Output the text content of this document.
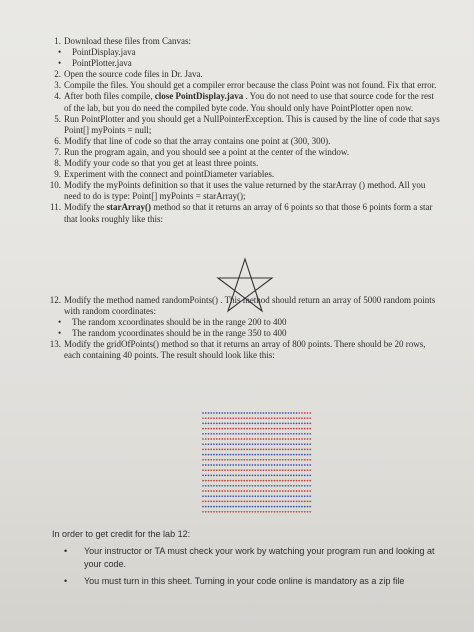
1. Download these files from Canvas:
• PointDisplay.java
• PointPlotter.java
2. Open the source code files in Dr. Java.
3. Compile the files. You should get a compiler error because the class Point was not found. Fix that error.
4. After both files compile, close PointDisplay.java . You do not need to use that source code for the rest of the lab, but you do need the compiled byte code. You should only have PointPlotter open now.
5. Run PointPlotter and you should get a NullPointerException. This is caused by the line of code that says Point[] myPoints = null;
6. Modify that line of code so that the array contains one point at (300, 300).
7. Run the program again, and you should see a point at the center of the window.
8. Modify your code so that you get at least three points.
9. Experiment with the connect and pointDiameter variables.
10. Modify the myPoints definition so that it uses the value returned by the starArray () method. All you need to do is type: Point[] myPoints = starArray();
11. Modify the starArray() method so that it returns an array of 6 points so that those 6 points form a star that looks roughly like this:
12. Modify the method named randomPoints() . This method should return an array of 5000 random points with random coordinates:
• The random xcoordinates should be in the range 200 to 400
• The random ycoordinates should be in the range 350 to 400
13. Modify the gridOfPoints() method so that it returns an array of 800 points. There should be 20 rows, each containing 40 points. The result should look like this:
In order to get credit for the lab 12:
• Your instructor or TA must check your work by watching your program run and looking at your code.
• You must turn in this sheet. Turning in your code online is mandatory as a zip file
